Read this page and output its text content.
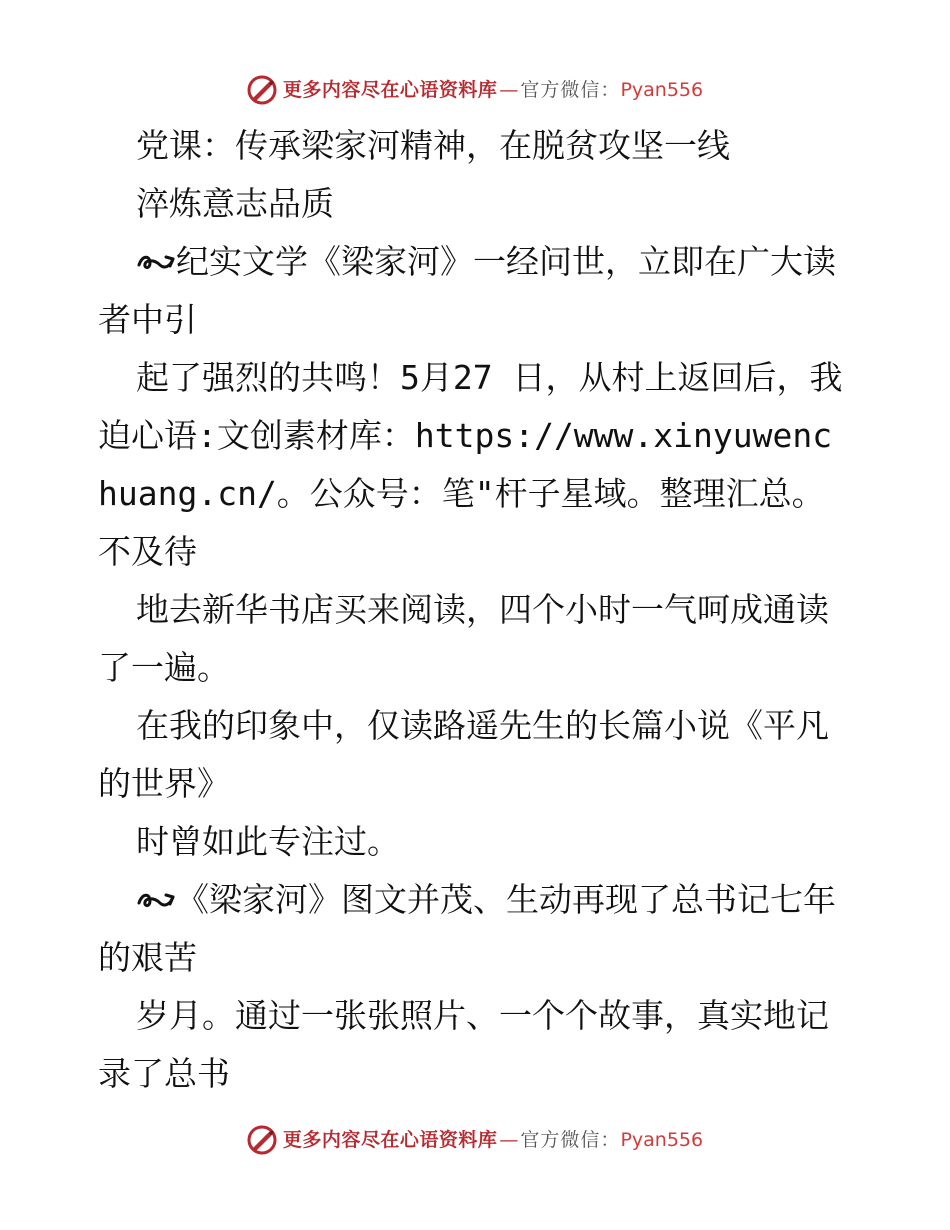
更多内容尽在心语资料库 — 官方微信： Pyan556

党课：传承梁家河精神，在脱贫攻坚一线

淬炼意志品质

纪实文学《梁家河》一经问世，立即在广大读者中引

起了强烈的共鸣！5月27 日，从村上返回后，我迫心语:文创素材库：https://www.xinyuwenchuang.cn/。公众号：笔"杆子星域。整理汇总。不及待

地去新华书店买来阅读，四个小时一气呵成通读了一遍。

在我的印象中，仅读路遥先生的长篇小说《平凡的世界》

时曾如此专注过。

《梁家河》图文并茂、生动再现了总书记七年的艰苦

岁月。通过一张张照片、一个个故事，真实地记录了总书

更多内容尽在心语资料库 — 官方微信： Pyan556
